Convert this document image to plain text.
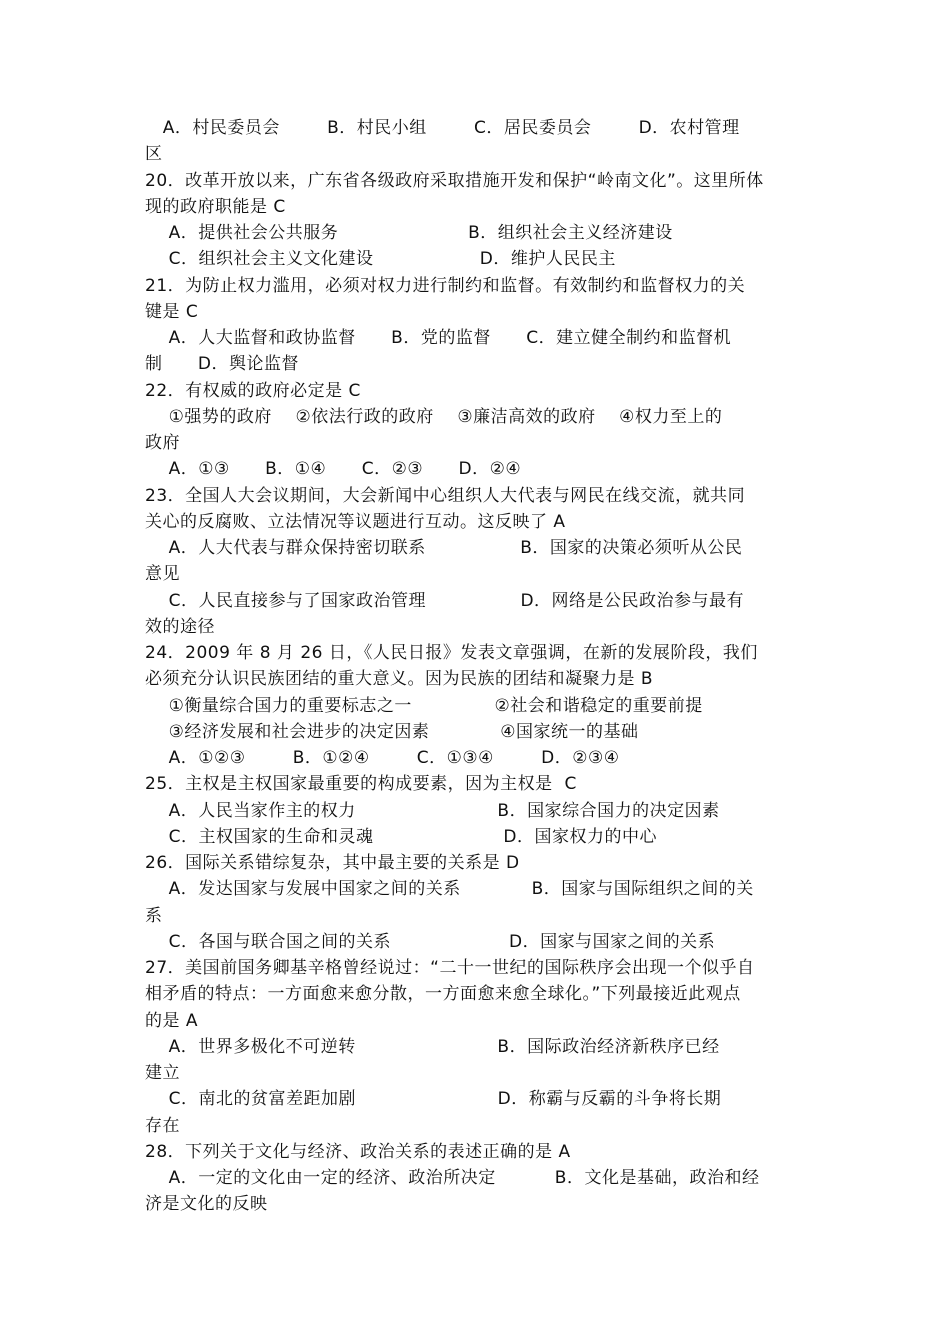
A．村民委员会        B．村民小组        C．居民委员会        D．农村管理
区
20．改革开放以来，广东省各级政府采取措施开发和保护“岭南文化”。这里所体
现的政府职能是 C
A．提供社会公共服务                      B．组织社会主义经济建设
C．组织社会主义文化建设                  D．维护人民民主
21．为防止权力滥用，必须对权力进行制约和监督。有效制约和监督权力的关
键是 C
A．人大监督和政协监督      B．党的监督      C．建立健全制约和监督机
制      D．舆论监督
22．有权威的政府必定是 C
①强势的政府    ②依法行政的政府    ③廉洁高效的政府    ④权力至上的
政府
A．①③      B．①④      C．②③      D．②④
23．全国人大会议期间，大会新闻中心组织人大代表与网民在线交流，就共同
关心的反腐败、立法情况等议题进行互动。这反映了 A
A．人大代表与群众保持密切联系                B．国家的决策必须听从公民
意见
C．人民直接参与了国家政治管理                D．网络是公民政治参与最有
效的途径
24．2009 年 8 月 26 日，《人民日报》发表文章强调，在新的发展阶段，我们
必须充分认识民族团结的重大意义。因为民族的团结和凝聚力是 B
①衡量综合国力的重要标志之一              ②社会和谐稳定的重要前提
③经济发展和社会进步的决定因素            ④国家统一的基础
A．①②③        B．①②④        C．①③④        D．②③④
25．主权是主权国家最重要的构成要素，因为主权是  C
A．人民当家作主的权力                        B．国家综合国力的决定因素
C．主权国家的生命和灵魂                      D．国家权力的中心
26．国际关系错综复杂，其中最主要的关系是 D
A．发达国家与发展中国家之间的关系            B．国家与国际组织之间的关
系
C．各国与联合国之间的关系                    D．国家与国家之间的关系
27．美国前国务卿基辛格曾经说过：“二十一世纪的国际秩序会出现一个似乎自
相矛盾的特点：一方面愈来愈分散，一方面愈来愈全球化。”下列最接近此观点
的是 A
A．世界多极化不可逆转                        B．国际政治经济新秩序已经
建立
C．南北的贫富差距加剧                        D．称霸与反霸的斗争将长期
存在
28．下列关于文化与经济、政治关系的表述正确的是 A
A．一定的文化由一定的经济、政治所决定          B．文化是基础，政治和经
济是文化的反映
